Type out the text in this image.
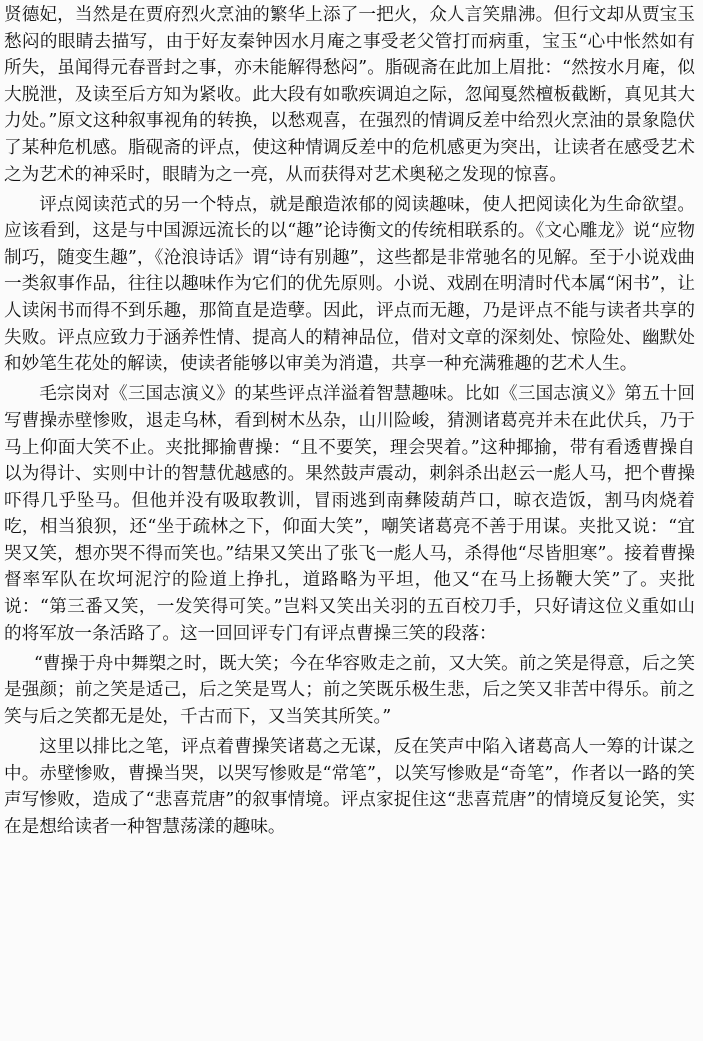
贤德妃，当然是在贾府烈火烹油的繁华上添了一把火，众人言笑鼎沸。但行文却从贾宝玉愁闷的眼睛去描写，由于好友秦钟因水月庵之事受老父管打而病重，宝玉“心中怅然如有所失，虽闻得元春晋封之事，亦未能解得愁闷”。脂砚斋在此加上眉批：“然按水月庵，似大脱泄，及读至后方知为紧收。此大段有如歌疾调迫之际，忽闻戛然檀板截断，真见其大力处。”原文这种叙事视角的转换，以愁观喜，在强烈的情调反差中给烈火烹油的景象隐伏了某种危机感。脂砚斋的评点，使这种情调反差中的危机感更为突出，让读者在感受艺术之为艺术的神采时，眼睛为之一亮，从而获得对艺术奥秘之发现的惊喜。

评点阅读范式的另一个特点，就是酿造浓郁的阅读趣味，使人把阅读化为生命欲望。应该看到，这是与中国源远流长的以“趣”论诗衡文的传统相联系的。《文心雕龙》说“应物制巧，随变生趣”，《沧浪诗话》谓“诗有别趣”，这些都是非常驰名的见解。至于小说戏曲一类叙事作品，往往以趣味作为它们的优先原则。小说、戏剧在明清时代本属“闲书”，让人读闲书而得不到乐趣，那简直是造孽。因此，评点而无趣，乃是评点不能与读者共享的失败。评点应致力于涵养性情、提高人的精神品位，借对文章的深刻处、惊险处、幽默处和妙笔生花处的解读，使读者能够以审美为消遣，共享一种充满雅趣的艺术人生。

毛宗岗对《三国志演义》的某些评点洋溢着智慧趣味。比如《三国志演义》第五十回写曹操赤壁惨败，退走乌林，看到树木丛杂，山川险峻，猜测诸葛亮并未在此伏兵，乃于马上仰面大笑不止。夹批揶揄曹操：“且不要笑，理会哭着。”这种揶揄，带有看透曹操自以为得计、实则中计的智慧优越感的。果然鼓声震动，刺斜杀出赵云一彪人马，把个曹操吓得几乎坠马。但他并没有吸取教训，冒雨逃到南彝陵葫芦口，晾衣造饭，割马肉烧着吃，相当狼狈，还“坐于疏林之下，仰面大笑”，嘲笑诸葛亮不善于用谋。夹批又说：“宜哭又笑，想亦哭不得而笑也。”结果又笑出了张飞一彪人马，杀得他“尽皆胆寒”。接着曹操督率军队在坎坷泥泞的险道上挣扎，道路略为平坦，他又“在马上扬鞭大笑”了。夹批说：“第三番又笑，一发笑得可笑。”岂料又笑出关羽的五百校刀手，只好请这位义重如山的将军放一条活路了。这一回回评专门有评点曹操三笑的段落：

“曹操于舟中舞槊之时，既大笑；今在华容败走之前，又大笑。前之笑是得意，后之笑是强颜；前之笑是适己，后之笑是骂人；前之笑既乐极生悲，后之笑又非苦中得乐。前之笑与后之笑都无是处，千古而下，又当笑其所笑。”

这里以排比之笔，评点着曹操笑诸葛之无谋，反在笑声中陷入诸葛高人一筹的计谋之中。赤壁惨败，曹操当哭，以哭写惨败是“常笔”，以笑写惨败是“奇笔”，作者以一路的笑声写惨败，造成了“悲喜荒唐”的叙事情境。评点家捉住这“悲喜荒唐”的情境反复论笑，实在是想给读者一种智慧荡漾的趣味。
